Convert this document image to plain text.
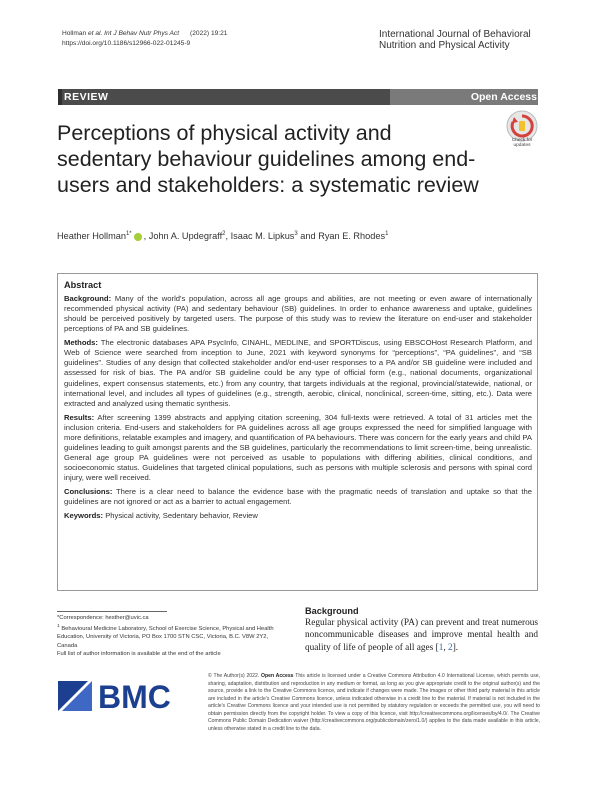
Hollman et al. Int J Behav Nutr Phys Act (2022) 19:21
https://doi.org/10.1186/s12966-022-01245-9
International Journal of Behavioral
Nutrition and Physical Activity
REVIEW	Open Access
Perceptions of physical activity and sedentary behaviour guidelines among end-users and stakeholders: a systematic review
Check for
updates
Heather Hollman$^{1*}$ , John A. Updegraff$^2$, Isaac M. Lipkus$^3$ and Ryan E. Rhodes$^1$
Abstract

Background: Many of the world's population, across all age groups and abilities, are not meeting or even aware of internationally recommended physical activity (PA) and sedentary behaviour (SB) guidelines. In order to enhance awareness and uptake, guidelines should be perceived positively by targeted users. The purpose of this study was to review the literature on end-user and stakeholder perceptions of PA and SB guidelines.

Methods: The electronic databases APA PsycInfo, CINAHL, MEDLINE, and SPORTDiscus, using EBSCOHost Research Platform, and Web of Science were searched from inception to June, 2021 with keyword synonyms for “perceptions”, “PA guidelines”, and “SB guidelines”. Studies of any design that collected stakeholder and/or end-user responses to a PA and/or SB guideline were included and assessed for risk of bias. The PA and/or SB guideline could be any type of official form (e.g., national documents, organizational guidelines, expert consensus statements, etc.) from any country, that targets individuals at the regional, provincial/statewide, national, or international level, and includes all types of guidelines (e.g., strength, aerobic, clinical, nonclinical, screen-time, sitting, etc.). Data were extracted and analyzed using thematic synthesis.

Results: After screening 1399 abstracts and applying citation screening, 304 full-texts were retrieved. A total of 31 articles met the inclusion criteria. End-users and stakeholders for PA guidelines across all age groups expressed the need for simplified language with more definitions, relatable examples and imagery, and quantification of PA behaviours. There was concern for the early years and child PA guidelines leading to guilt amongst parents and the SB guidelines, particularly the recommendations to limit screen-time, being unrealistic. General age group PA guidelines were not perceived as usable to populations with differing abilities, clinical conditions, and socioeconomic status. Guidelines that targeted clinical populations, such as persons with multiple sclerosis and persons with spinal cord injury, were well received.

Conclusions: There is a clear need to balance the evidence base with the pragmatic needs of translation and uptake so that the guidelines are not ignored or act as a barrier to actual engagement.

Keywords: Physical activity, Sedentary behavior, Review

*Correspondence: hesther@uvic.ca
$^1$ Behavioural Medicine Laboratory, School of Exercise Science, Physical and Health Education, University of Victoria, PO Box 1700 STN CSC, Victoria, B.C. V8W 2Y2, Canada
Full list of author information is available at the end of the article
Background
Regular physical activity (PA) can prevent and treat numerous noncommunicable diseases and improve mental health and quality of life of people of all ages [1, 2].
BMC
© The Author(s) 2022. Open Access This article is licensed under a Creative Commons Attribution 4.0 International License, which permits use, sharing, adaptation, distribution and reproduction in any medium or format, as long as you give appropriate credit to the original author(s) and the source, provide a link to the Creative Commons licence, and indicate if changes were made. The images or other third party material in this article are included in the article's Creative Commons licence, unless indicated otherwise in a credit line to the material. If material is not included in the article's Creative Commons licence and your intended use is not permitted by statutory regulation or exceeds the permitted use, you will need to obtain permission directly from the copyright holder. To view a copy of this licence, visit http://creativecommons.org/licenses/by/4.0/. The Creative Commons Public Domain Dedication waiver (http://creativecommons.org/publicdomain/zero/1.0/) applies to the data made available in this article, unless otherwise stated in a credit line to the data.
